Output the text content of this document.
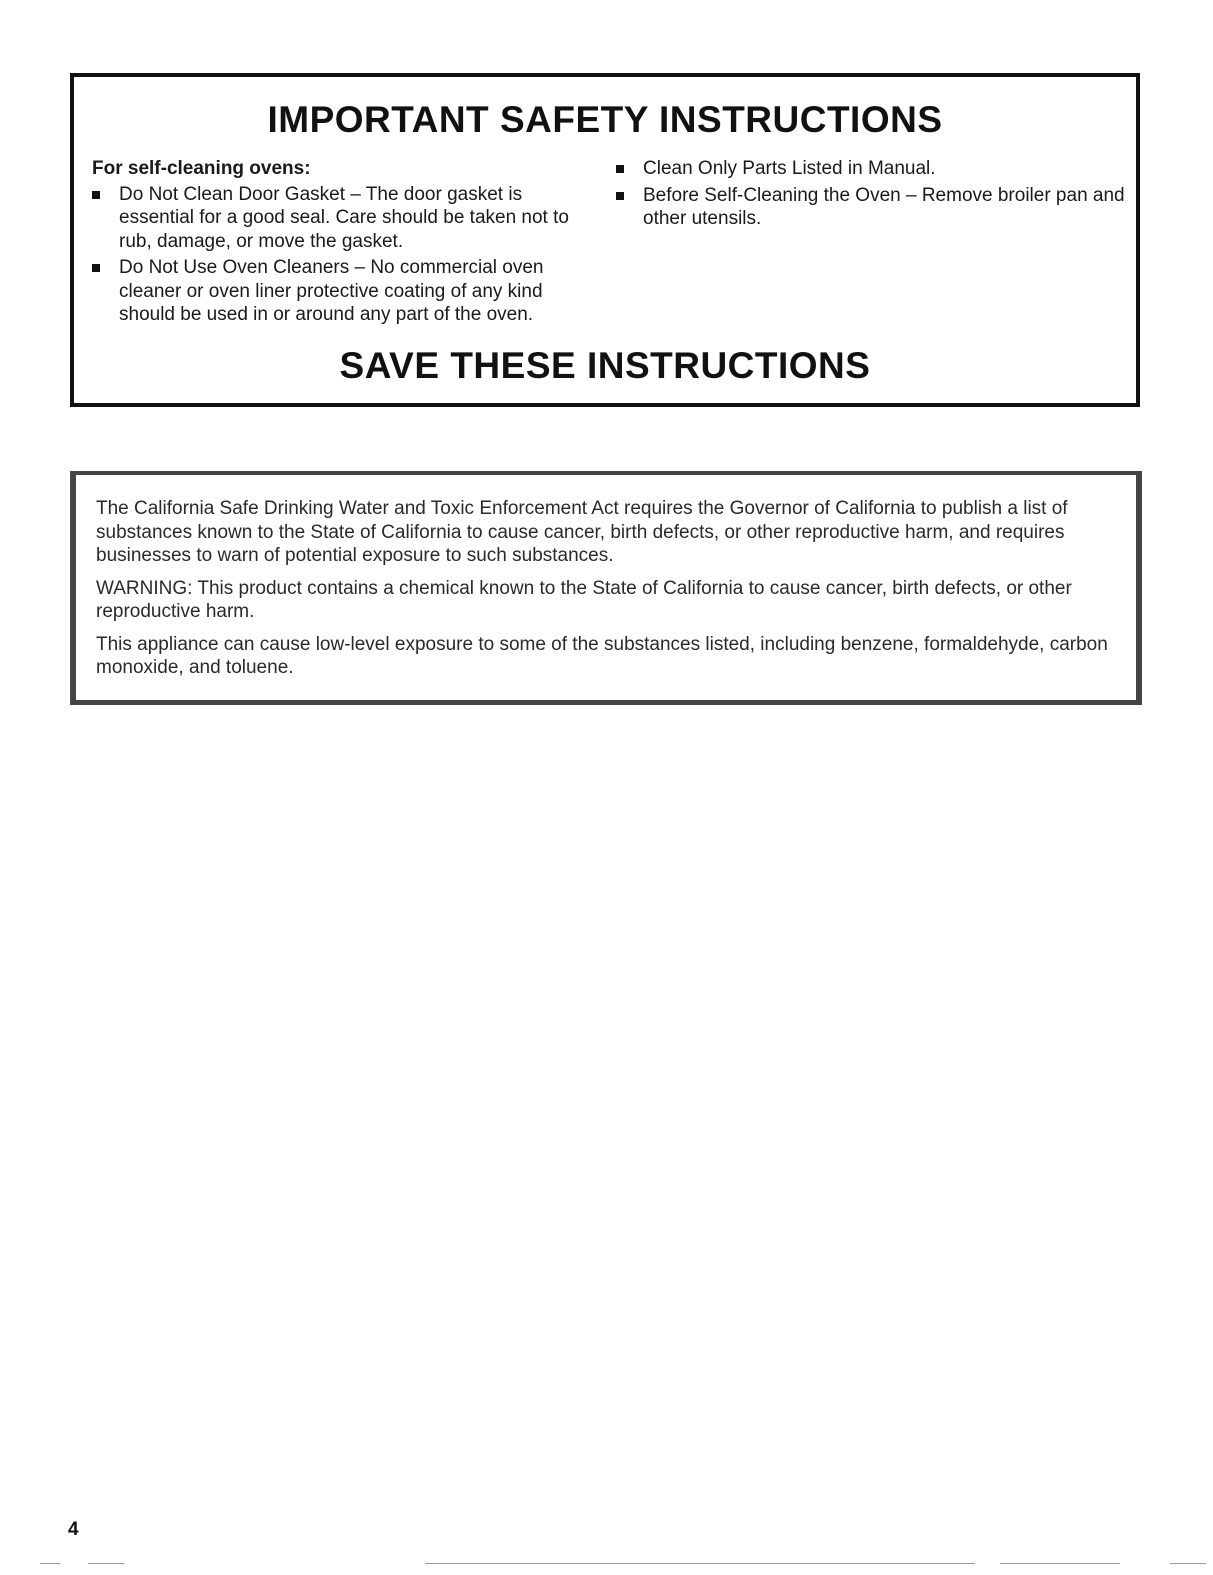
IMPORTANT SAFETY INSTRUCTIONS
For self-cleaning ovens:
Do Not Clean Door Gasket – The door gasket is essential for a good seal. Care should be taken not to rub, damage, or move the gasket.
Do Not Use Oven Cleaners – No commercial oven cleaner or oven liner protective coating of any kind should be used in or around any part of the oven.
Clean Only Parts Listed in Manual.
Before Self-Cleaning the Oven – Remove broiler pan and other utensils.
SAVE THESE INSTRUCTIONS

The California Safe Drinking Water and Toxic Enforcement Act requires the Governor of California to publish a list of substances known to the State of California to cause cancer, birth defects, or other reproductive harm, and requires businesses to warn of potential exposure to such substances.

WARNING: This product contains a chemical known to the State of California to cause cancer, birth defects, or other reproductive harm.

This appliance can cause low-level exposure to some of the substances listed, including benzene, formaldehyde, carbon monoxide, and toluene.

4
